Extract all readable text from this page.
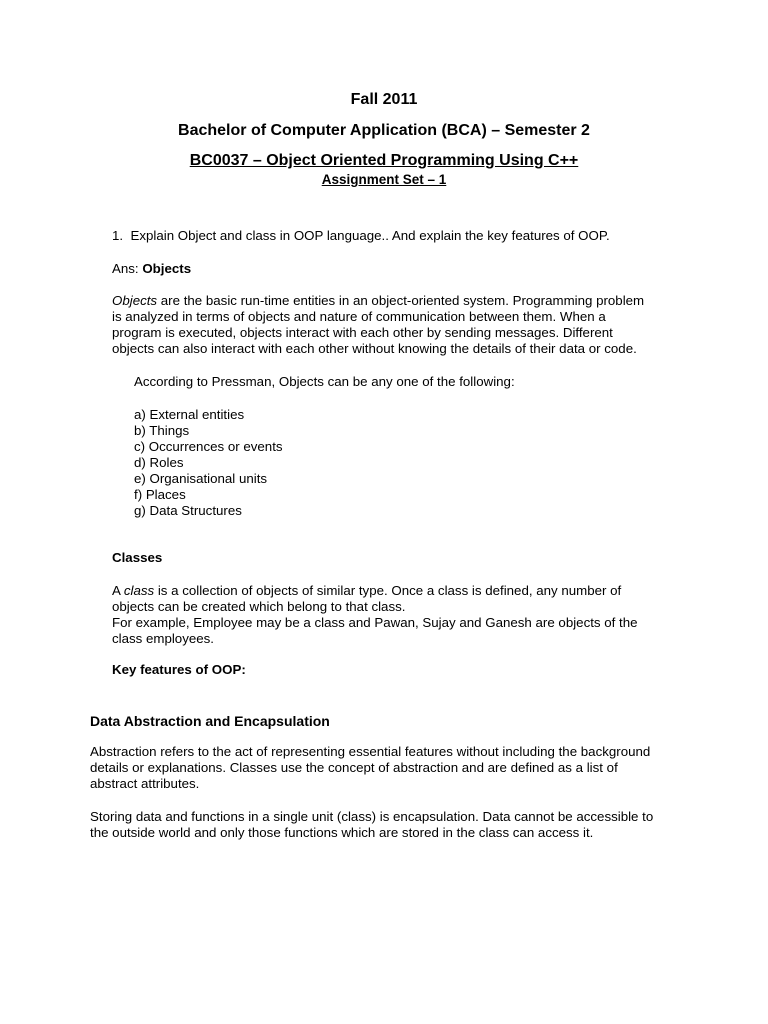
Fall 2011

Bachelor of Computer Application (BCA) – Semester 2

BC0037 – Object Oriented Programming Using C++

Assignment Set – 1

1. Explain Object and class in OOP language.. And explain the key features of OOP.

Ans: Objects

Objects are the basic run-time entities in an object-oriented system. Programming problem
is analyzed in terms of objects and nature of communication between them. When a
program is executed, objects interact with each other by sending messages. Different
objects can also interact with each other without knowing the details of their data or code.

According to Pressman, Objects can be any one of the following:

a) External entities
b) Things
c) Occurrences or events
d) Roles
e) Organisational units
f) Places
g) Data Structures

Classes

A class is a collection of objects of similar type. Once a class is defined, any number of
objects can be created which belong to that class.
For example, Employee may be a class and Pawan, Sujay and Ganesh are objects of the
class employees.

Key features of OOP:

Data Abstraction and Encapsulation

Abstraction refers to the act of representing essential features without including the background
details or explanations. Classes use the concept of abstraction and are defined as a list of
abstract attributes.
Storing data and functions in a single unit (class) is encapsulation. Data cannot be accessible to
the outside world and only those functions which are stored in the class can access it.
